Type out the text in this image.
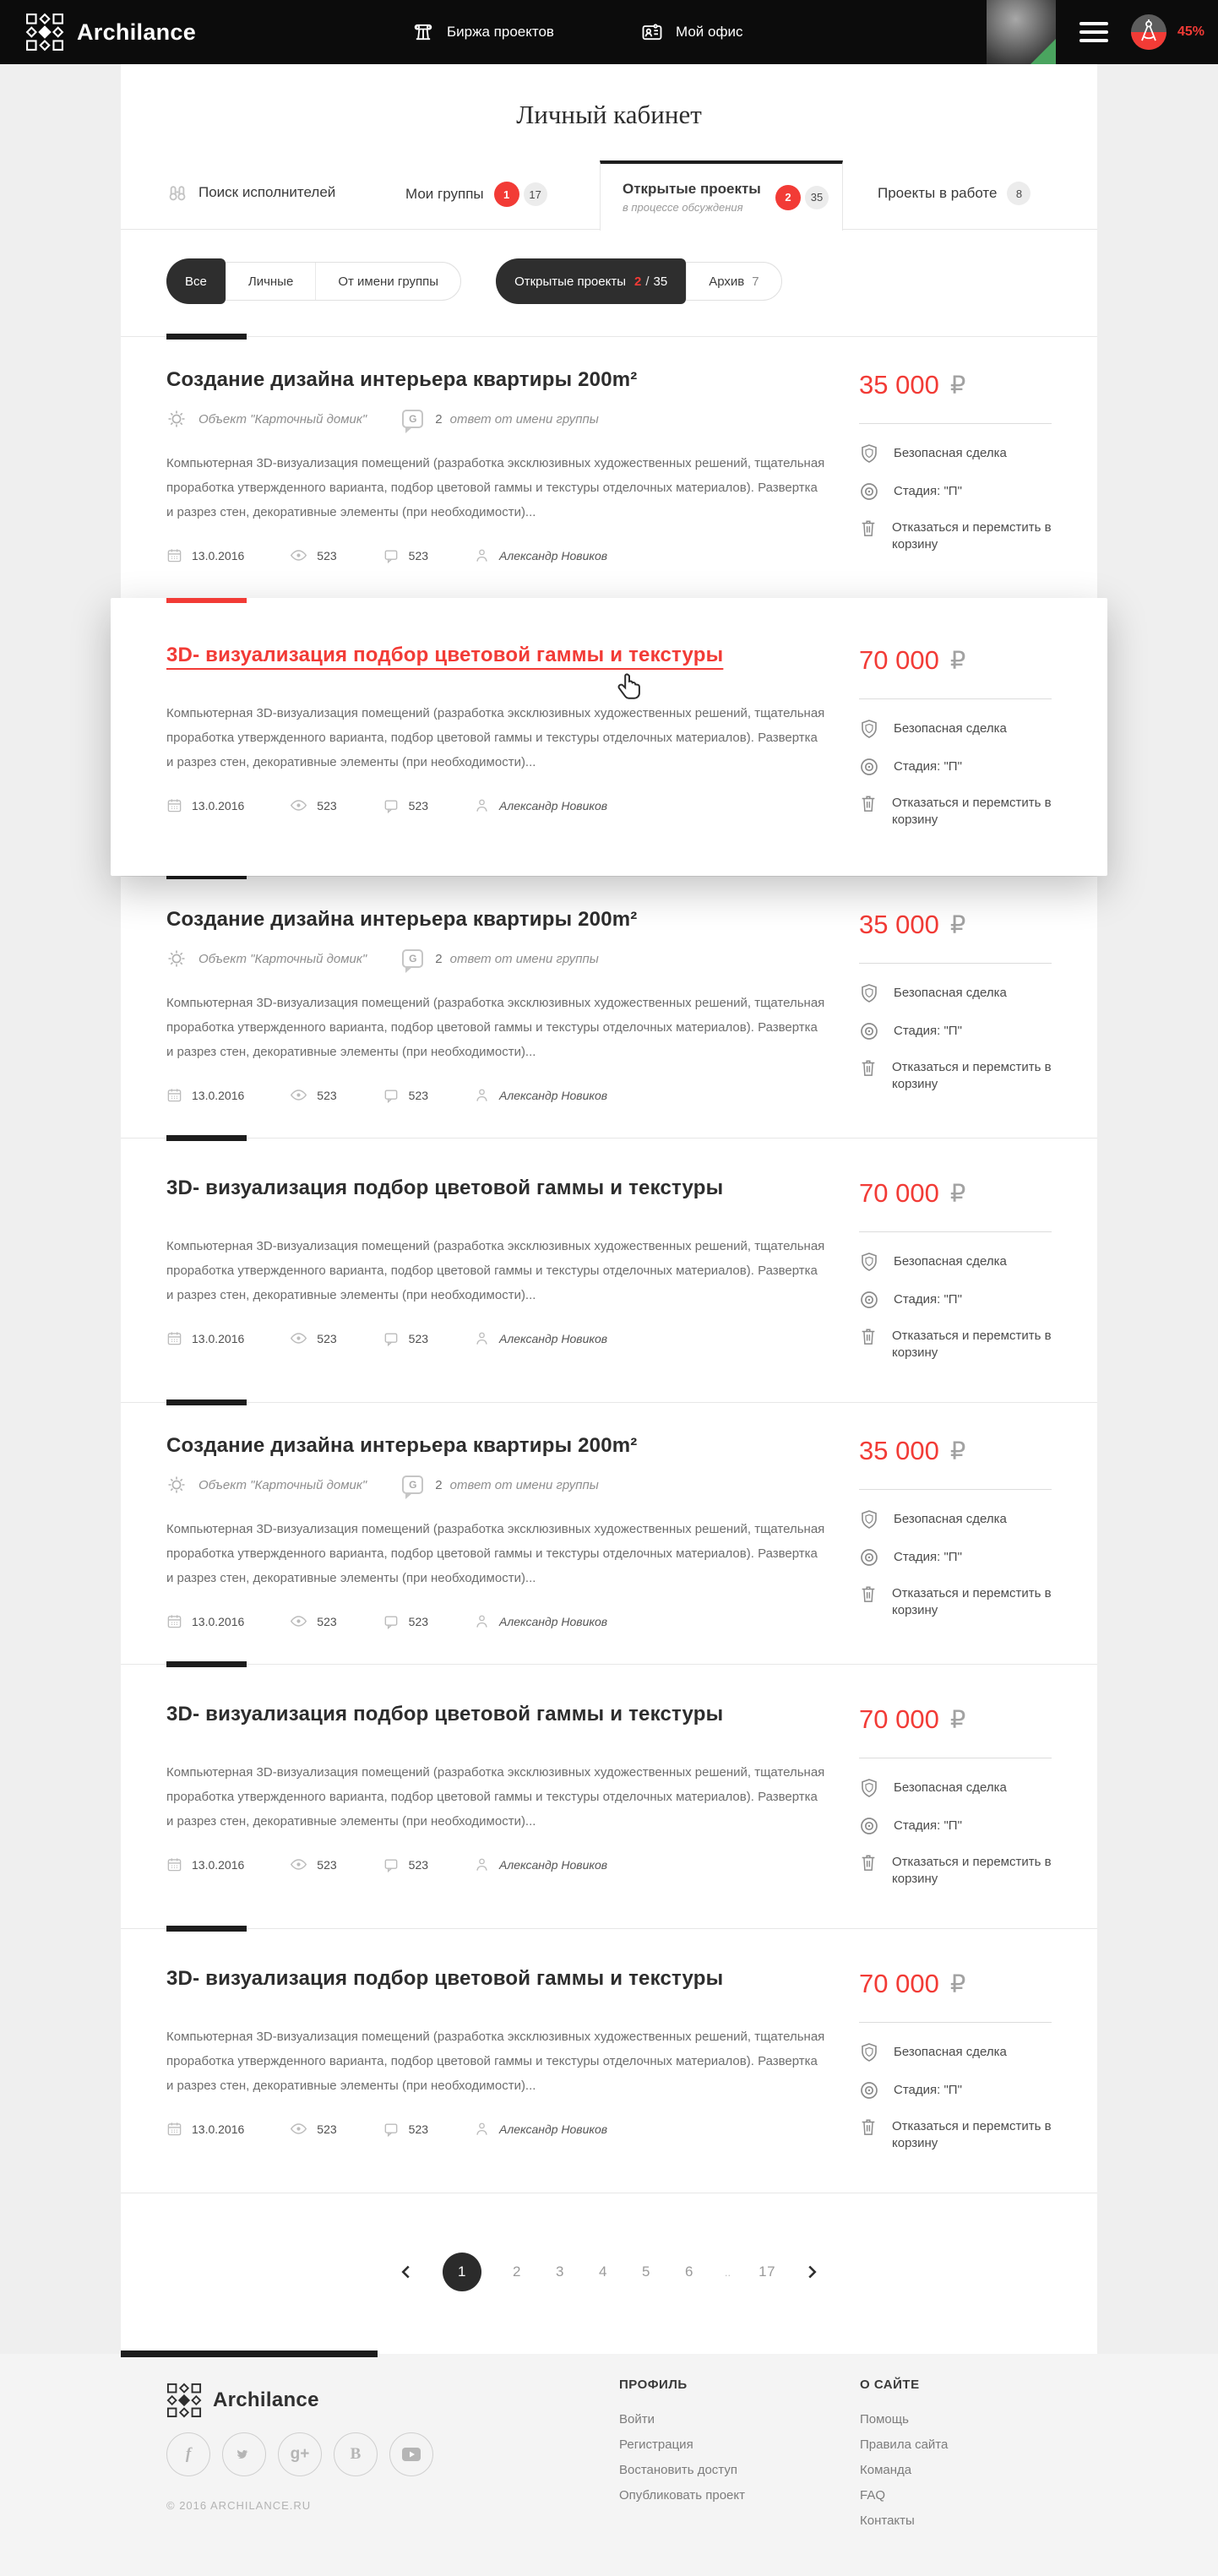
Archilance	Биржа проектов	Мой офис	45%
Личный кабинет
Поиск исполнителей	Мои группы	1	17	Открытые проекты
в процессе обсуждения
2	35	Проекты в работе	8
Все	Личные	От имени группы	Открытые проекты 2 / 35	Архив 7
Создание дизайна интерьера квартиры 200m²
Объект "Карточный домик"	G	2 ответ от имени группы

Компьютерная 3D-визуализация помещений (разработка эксклюзивных художественных решений, тщательная проработка утвержденного варианта, подбор цветовой гаммы и текстуры отделочных материалов). Развертка и разрез стен, декоративные элементы (при необходимости)...

13.0.2016	523	523	Александр Новиков
35 000 ₽
Безопасная сделка
Стадия: "П"
Отказаться и перемстить в корзину
3D- визуализация подбор цветовой гаммы и текстуры

Компьютерная 3D-визуализация помещений (разработка эксклюзивных художественных решений, тщательная проработка утвержденного варианта, подбор цветовой гаммы и текстуры отделочных материалов). Развертка и разрез стен, декоративные элементы (при необходимости)...

13.0.2016	523	523	Александр Новиков
70 000 ₽
Безопасная сделка
Стадия: "П"
Отказаться и перемстить в корзину
Создание дизайна интерьера квартиры 200m²
Объект "Карточный домик"	G	2 ответ от имени группы

Компьютерная 3D-визуализация помещений (разработка эксклюзивных художественных решений, тщательная проработка утвержденного варианта, подбор цветовой гаммы и текстуры отделочных материалов). Развертка и разрез стен, декоративные элементы (при необходимости)...

13.0.2016	523	523	Александр Новиков
35 000 ₽
Безопасная сделка
Стадия: "П"
Отказаться и перемстить в корзину
3D- визуализация подбор цветовой гаммы и текстуры

Компьютерная 3D-визуализация помещений (разработка эксклюзивных художественных решений, тщательная проработка утвержденного варианта, подбор цветовой гаммы и текстуры отделочных материалов). Развертка и разрез стен, декоративные элементы (при необходимости)...

13.0.2016	523	523	Александр Новиков
70 000 ₽
Безопасная сделка
Стадия: "П"
Отказаться и перемстить в корзину
Создание дизайна интерьера квартиры 200m²
Объект "Карточный домик"	G	2 ответ от имени группы

Компьютерная 3D-визуализация помещений (разработка эксклюзивных художественных решений, тщательная проработка утвержденного варианта, подбор цветовой гаммы и текстуры отделочных материалов). Развертка и разрез стен, декоративные элементы (при необходимости)...

13.0.2016	523	523	Александр Новиков
35 000 ₽
Безопасная сделка
Стадия: "П"
Отказаться и перемстить в корзину
3D- визуализация подбор цветовой гаммы и текстуры

Компьютерная 3D-визуализация помещений (разработка эксклюзивных художественных решений, тщательная проработка утвержденного варианта, подбор цветовой гаммы и текстуры отделочных материалов). Развертка и разрез стен, декоративные элементы (при необходимости)...

13.0.2016	523	523	Александр Новиков
70 000 ₽
Безопасная сделка
Стадия: "П"
Отказаться и перемстить в корзину
3D- визуализация подбор цветовой гаммы и текстуры

Компьютерная 3D-визуализация помещений (разработка эксклюзивных художественных решений, тщательная проработка утвержденного варианта, подбор цветовой гаммы и текстуры отделочных материалов). Развертка и разрез стен, декоративные элементы (при необходимости)...

13.0.2016	523	523	Александр Новиков
70 000 ₽
Безопасная сделка
Стадия: "П"
Отказаться и перемстить в корзину
1	2 3 4 5 6	.. 17
Archilance
f	g+	B
© 2016 ARCHILANCE.RU
ПРОФИЛЬ
Войти
Регистрация
Востановить доступ
Опубликовать проект
О САЙТЕ
Помощь
Правила сайта
Команда
FAQ
Контакты
